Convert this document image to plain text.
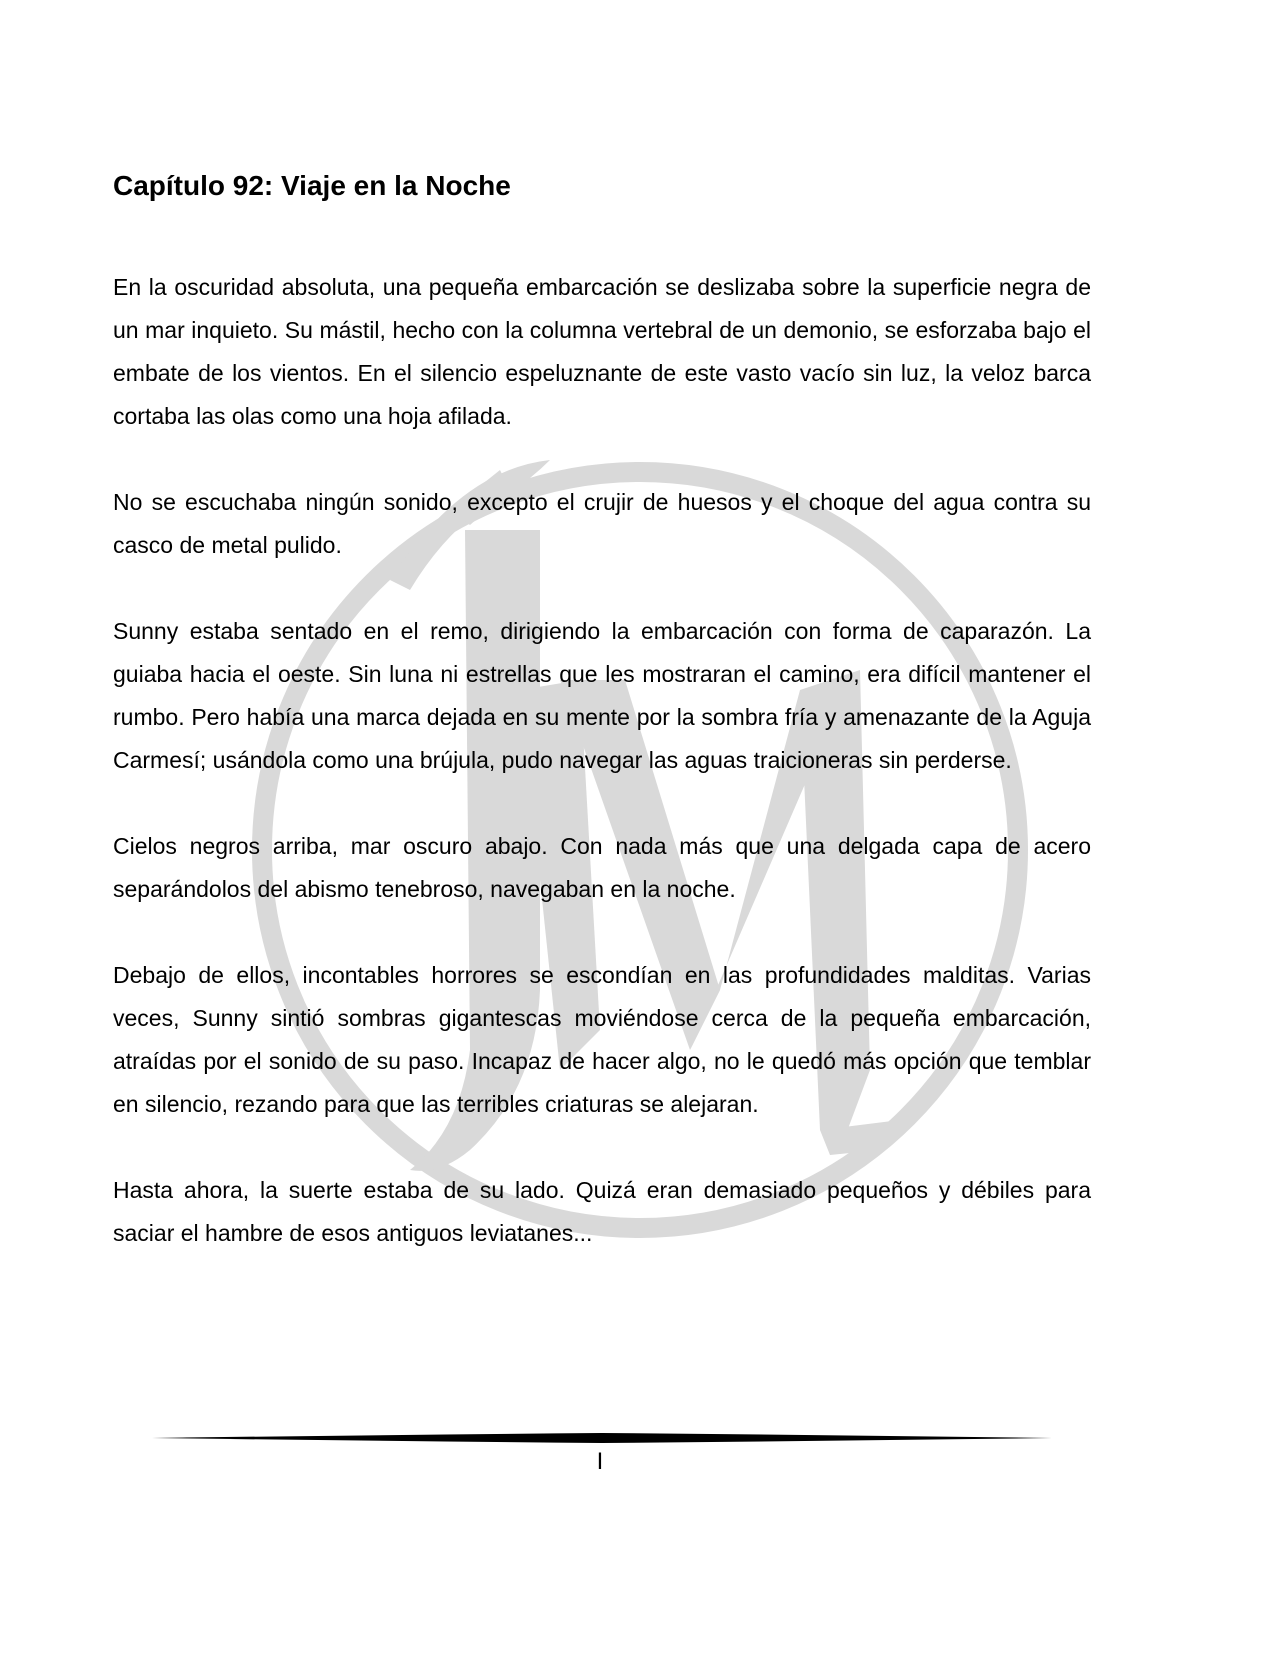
Capítulo 92: Viaje en la Noche

En la oscuridad absoluta, una pequeña embarcación se deslizaba sobre la superficie negra de un mar inquieto. Su mástil, hecho con la columna vertebral de un demonio, se esforzaba bajo el embate de los vientos. En el silencio espeluznante de este vasto vacío sin luz, la veloz barca cortaba las olas como una hoja afilada.

No se escuchaba ningún sonido, excepto el crujir de huesos y el choque del agua contra su casco de metal pulido.

Sunny estaba sentado en el remo, dirigiendo la embarcación con forma de caparazón. La guiaba hacia el oeste. Sin luna ni estrellas que les mostraran el camino, era difícil mantener el rumbo. Pero había una marca dejada en su mente por la sombra fría y amenazante de la Aguja Carmesí; usándola como una brújula, pudo navegar las aguas traicioneras sin perderse.

Cielos negros arriba, mar oscuro abajo. Con nada más que una delgada capa de acero separándolos del abismo tenebroso, navegaban en la noche.

Debajo de ellos, incontables horrores se escondían en las profundidades malditas. Varias veces, Sunny sintió sombras gigantescas moviéndose cerca de la pequeña embarcación, atraídas por el sonido de su paso. Incapaz de hacer algo, no le quedó más opción que temblar en silencio, rezando para que las terribles criaturas se alejaran.

Hasta ahora, la suerte estaba de su lado. Quizá eran demasiado pequeños y débiles para saciar el hambre de esos antiguos leviatanes...

I
